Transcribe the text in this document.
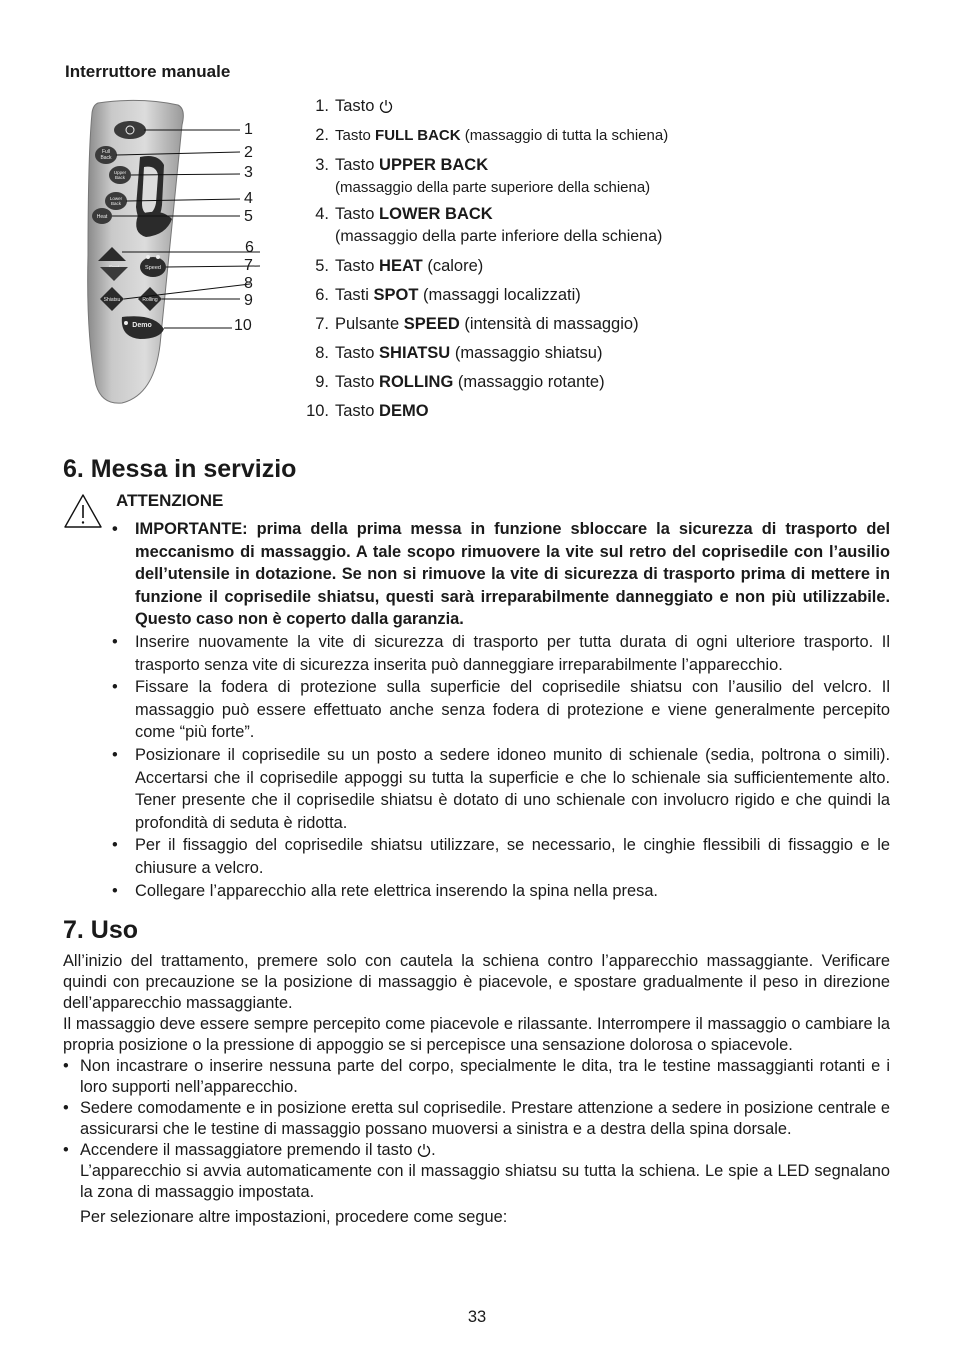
Interruttore manuale
Full
Back
Upper
Back
Lower
Back
Heat
Speed
Shiatsu	Rolling
Demo
1
2
3
4
5
6
7
8
9
10
1. Tasto
2. Tasto FULL BACK (massaggio di tutta la schiena)
3. Tasto UPPER BACK
(massaggio della parte superiore della schiena)
4. Tasto LOWER BACK
(massaggio della parte inferiore della schiena)
5. Tasto HEAT (calore)
6. Tasti SPOT (massaggi localizzati)
7. Pulsante SPEED (intensità di massaggio)
8. Tasto SHIATSU (massaggio shiatsu)
9. Tasto ROLLING (massaggio rotante)
10. Tasto DEMO
6. Messa in servizio
ATTENZIONE
•	IMPORTANTE: prima della prima messa in funzione sbloccare la sicurezza di trasporto del meccanismo di massaggio. A tale scopo rimuovere la vite sul retro del coprisedile con l’ausilio dell’utensile in dotazione. Se non si rimuove la vite di sicurezza di trasporto prima di mettere in funzione il coprisedile shiatsu, questi sarà irreparabilmente danneggiato e non più utilizzabile. Questo caso non è coperto dalla garanzia.
•	Inserire nuovamente la vite di sicurezza di trasporto per tutta durata di ogni ulteriore trasporto. Il trasporto senza vite di sicurezza inserita può danneggiare irreparabilmente l’apparecchio.
•	Fissare la fodera di protezione sulla superficie del coprisedile shiatsu con l’ausilio del velcro. Il massaggio può essere effettuato anche senza fodera di protezione e viene generalmente percepito come “più forte”.
•	Posizionare il coprisedile su un posto a sedere idoneo munito di schienale (sedia, poltrona o simili). Accertarsi che il coprisedile appoggi su tutta la superficie e che lo schienale sia sufficientemente alto. Tener presente che il coprisedile shiatsu è dotato di uno schienale con involucro rigido e che quindi la profondità di seduta è ridotta.
•	Per il fissaggio del coprisedile shiatsu utilizzare, se necessario, le cinghie flessibili di fissaggio e le chiusure a velcro.
•	Collegare l’apparecchio alla rete elettrica inserendo la spina nella presa.
7. Uso

All’inizio del trattamento, premere solo con cautela la schiena contro l’apparecchio massaggiante. Verificare quindi con precauzione se la posizione di massaggio è piacevole, e spostare gradualmente il peso in direzione dell’apparecchio massaggiante.

Il massaggio deve essere sempre percepito come piacevole e rilassante. Interrompere il massaggio o cambiare la propria posizione o la pressione di appoggio se si percepisce una sensazione dolorosa o spiacevole.

• Non incastrare o inserire nessuna parte del corpo, specialmente le dita, tra le testine massaggianti rotanti e i loro supporti nell’apparecchio.
• Sedere comodamente e in posizione eretta sul coprisedile. Prestare attenzione a sedere in posizione centrale e assicurarsi che le testine di massaggio possano muoversi a sinistra e a destra della spina dorsale.
• Accendere il massaggiatore premendo il tasto .
L’apparecchio si avvia automaticamente con il massaggio shiatsu su tutta la schiena. Le spie a LED segnalano la zona di massaggio impostata.
Per selezionare altre impostazioni, procedere come segue:
33
